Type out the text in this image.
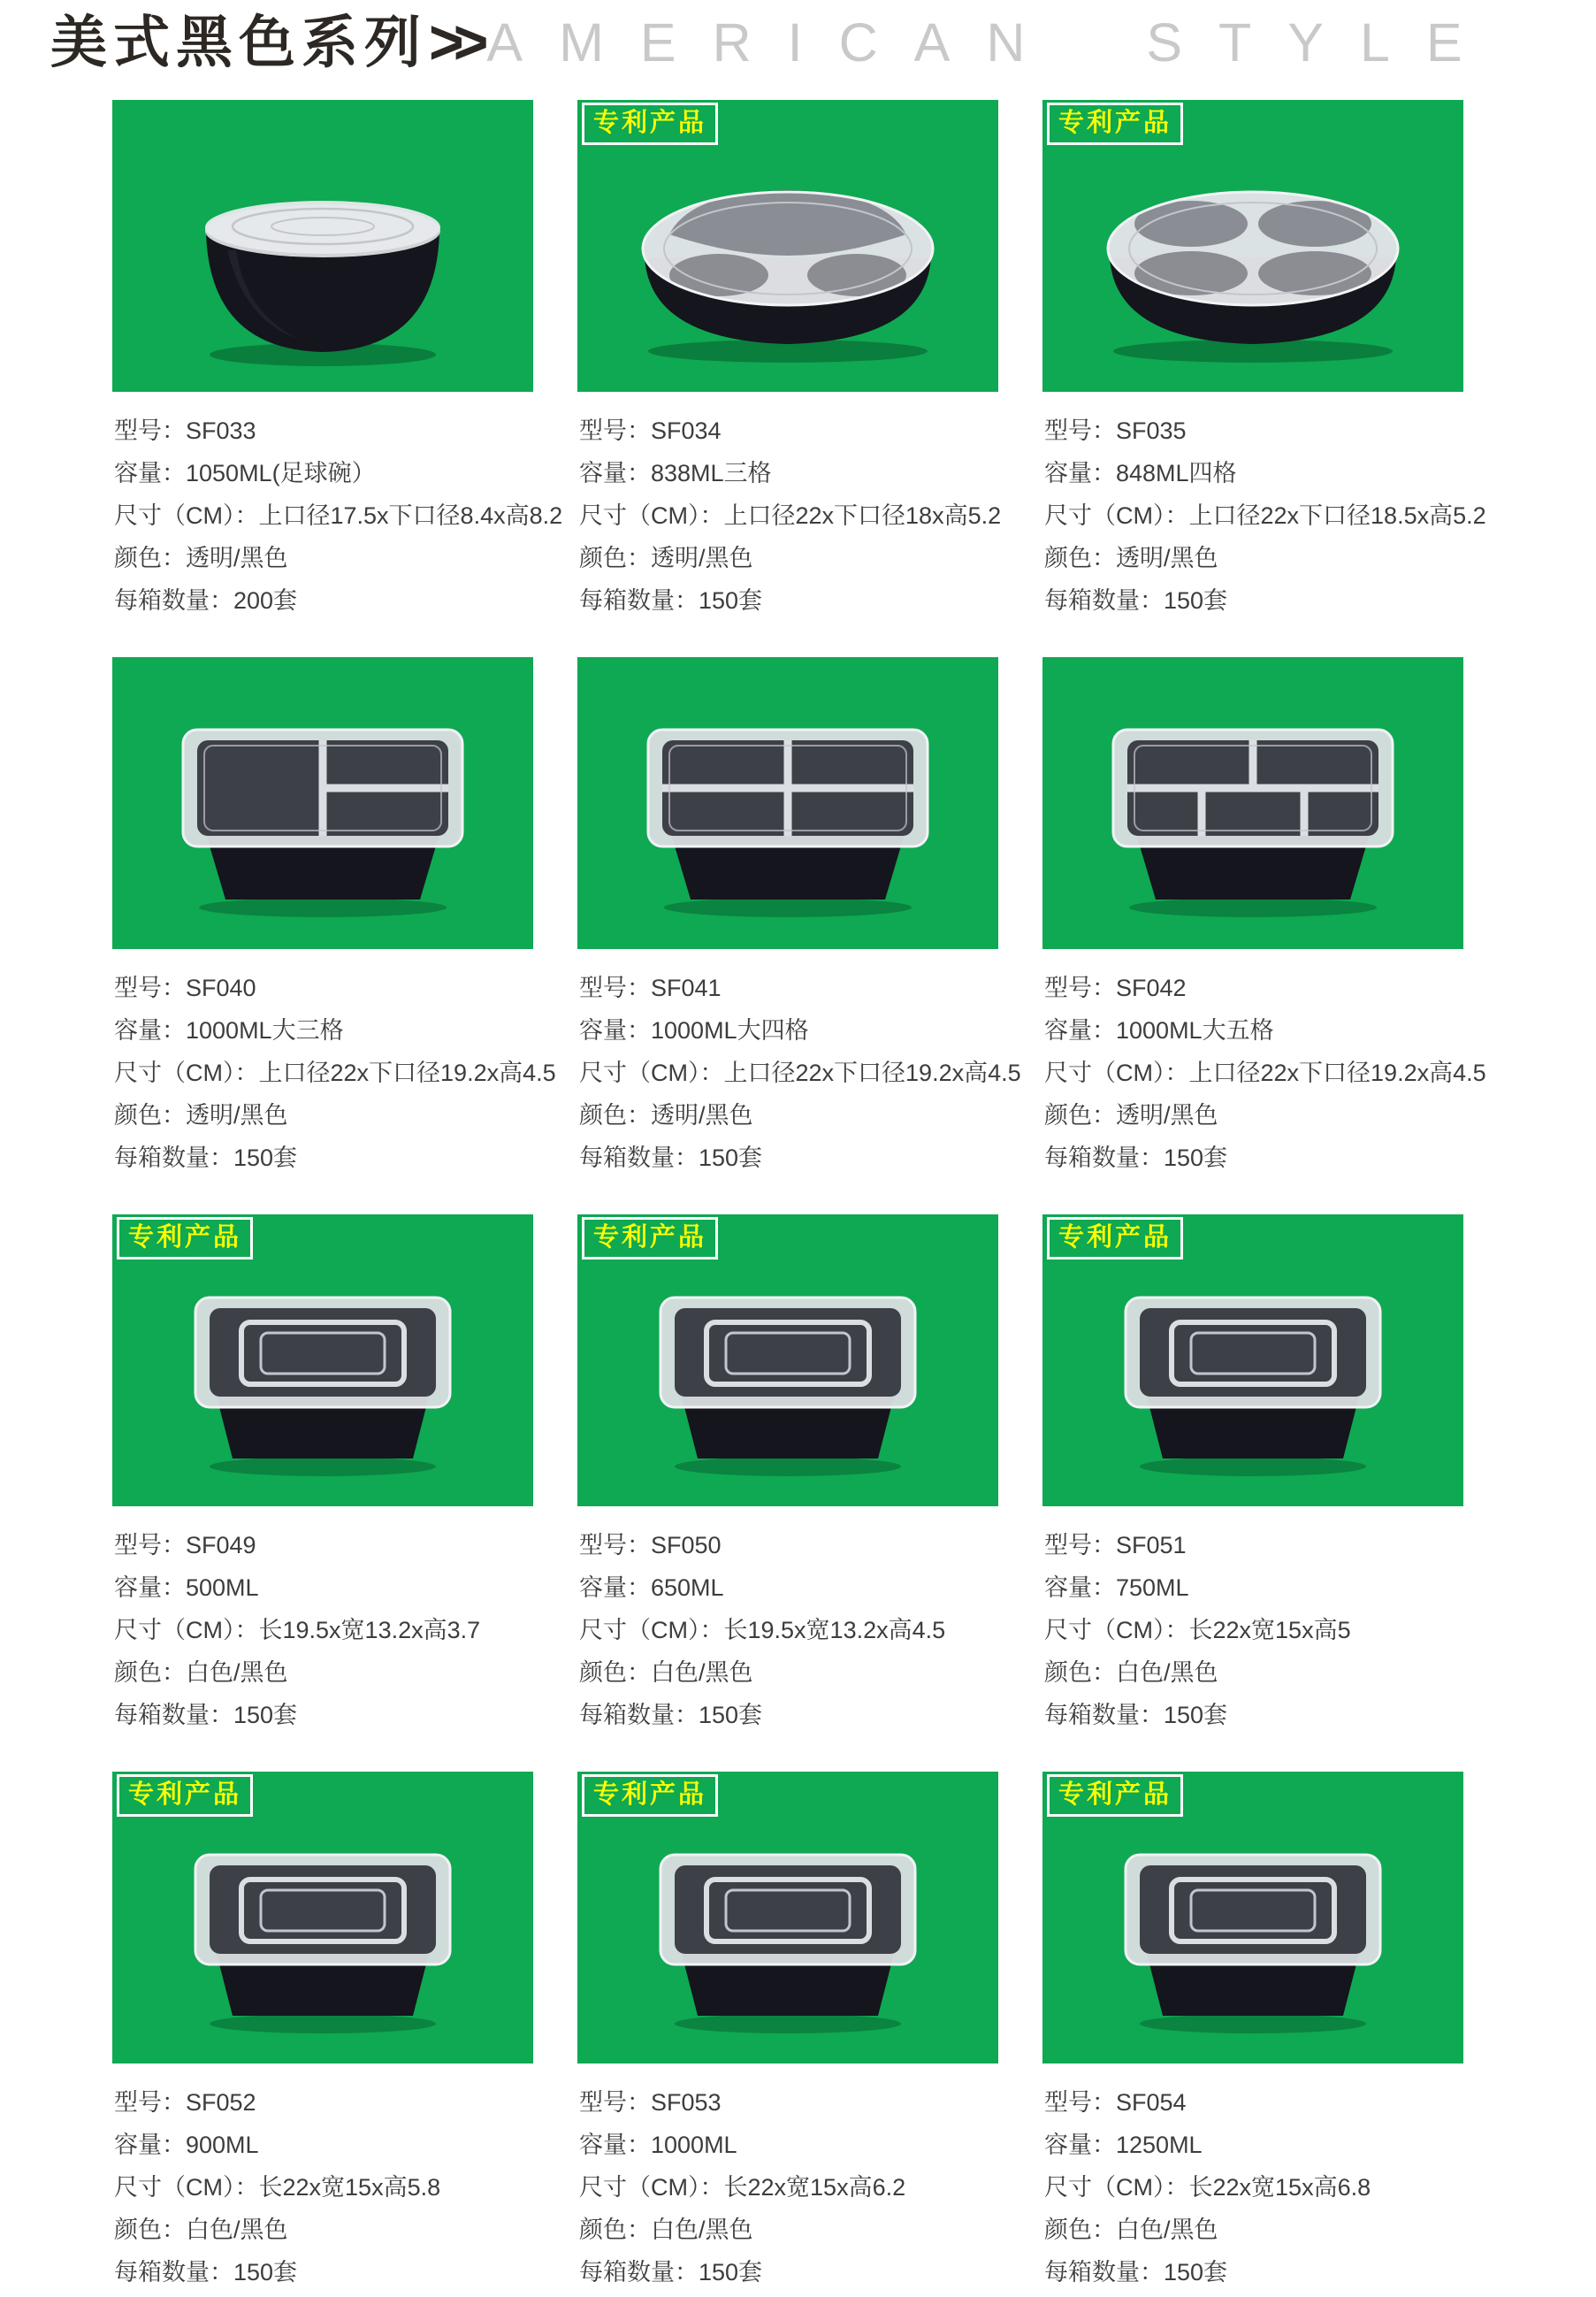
美式黑色系列 >> AMERICAN STYLE
型号：SF033
容量：1050ML(足球碗）
尺寸（CM）：上口径17.5x下口径8.4x高8.2
颜色：透明/黑色
每箱数量：200套
专利产品
型号：SF034
容量：838ML三格
尺寸（CM）：上口径22x下口径18x高5.2
颜色：透明/黑色
每箱数量：150套
专利产品
型号：SF035
容量：848ML四格
尺寸（CM）：上口径22x下口径18.5x高5.2
颜色：透明/黑色
每箱数量：150套
型号：SF040
容量：1000ML大三格
尺寸（CM）：上口径22x下口径19.2x高4.5
颜色：透明/黑色
每箱数量：150套
型号：SF041
容量：1000ML大四格
尺寸（CM）：上口径22x下口径19.2x高4.5
颜色：透明/黑色
每箱数量：150套
型号：SF042
容量：1000ML大五格
尺寸（CM）：上口径22x下口径19.2x高4.5
颜色：透明/黑色
每箱数量：150套
专利产品
型号：SF049
容量：500ML
尺寸（CM）：长19.5x宽13.2x高3.7
颜色：白色/黑色
每箱数量：150套
专利产品
型号：SF050
容量：650ML
尺寸（CM）：长19.5x宽13.2x高4.5
颜色：白色/黑色
每箱数量：150套
专利产品
型号：SF051
容量：750ML
尺寸（CM）：长22x宽15x高5
颜色：白色/黑色
每箱数量：150套
专利产品
型号：SF052
容量：900ML
尺寸（CM）：长22x宽15x高5.8
颜色：白色/黑色
每箱数量：150套
专利产品
型号：SF053
容量：1000ML
尺寸（CM）：长22x宽15x高6.2
颜色：白色/黑色
每箱数量：150套
专利产品
型号：SF054
容量：1250ML
尺寸（CM）：长22x宽15x高6.8
颜色：白色/黑色
每箱数量：150套
